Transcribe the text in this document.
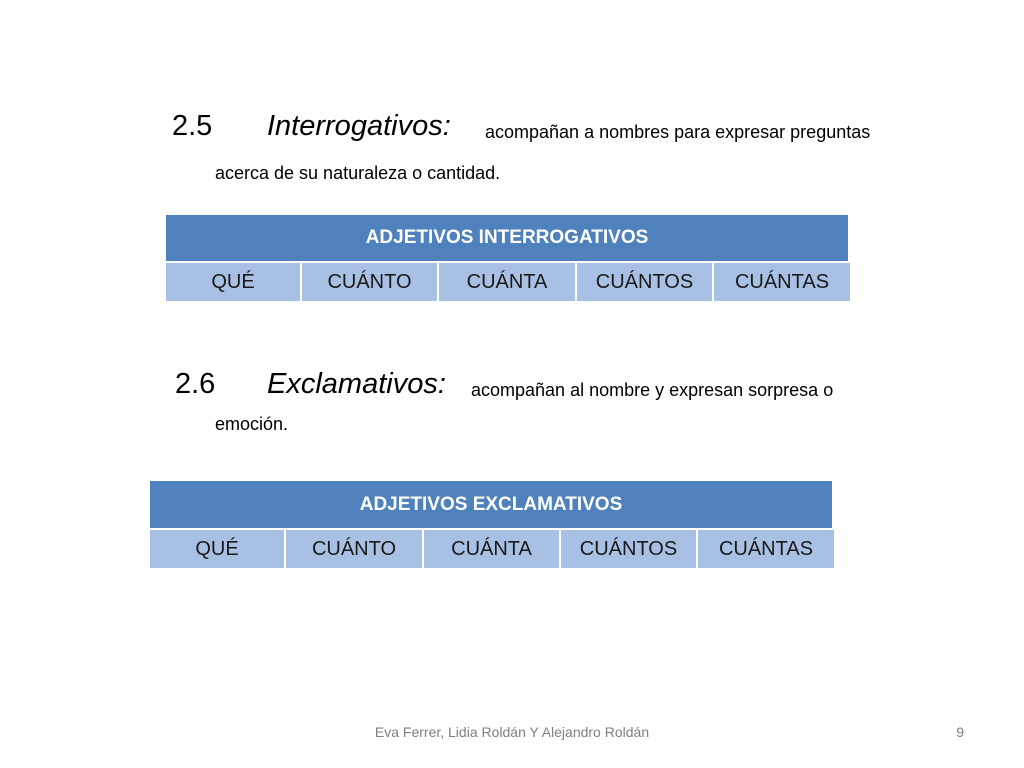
2.5 Interrogativos: acompañan a nombres para expresar preguntas
acerca de su naturaleza o cantidad.
ADJETIVOS INTERROGATIVOS
QUÉ	CUÁNTO	CUÁNTA	CUÁNTOS	CUÁNTAS
2.6 Exclamativos: acompañan al nombre y expresan sorpresa o
emoción.
ADJETIVOS EXCLAMATIVOS
QUÉ	CUÁNTO	CUÁNTA	CUÁNTOS	CUÁNTAS
Eva Ferrer, Lidia Roldán Y Alejandro Roldán	9
